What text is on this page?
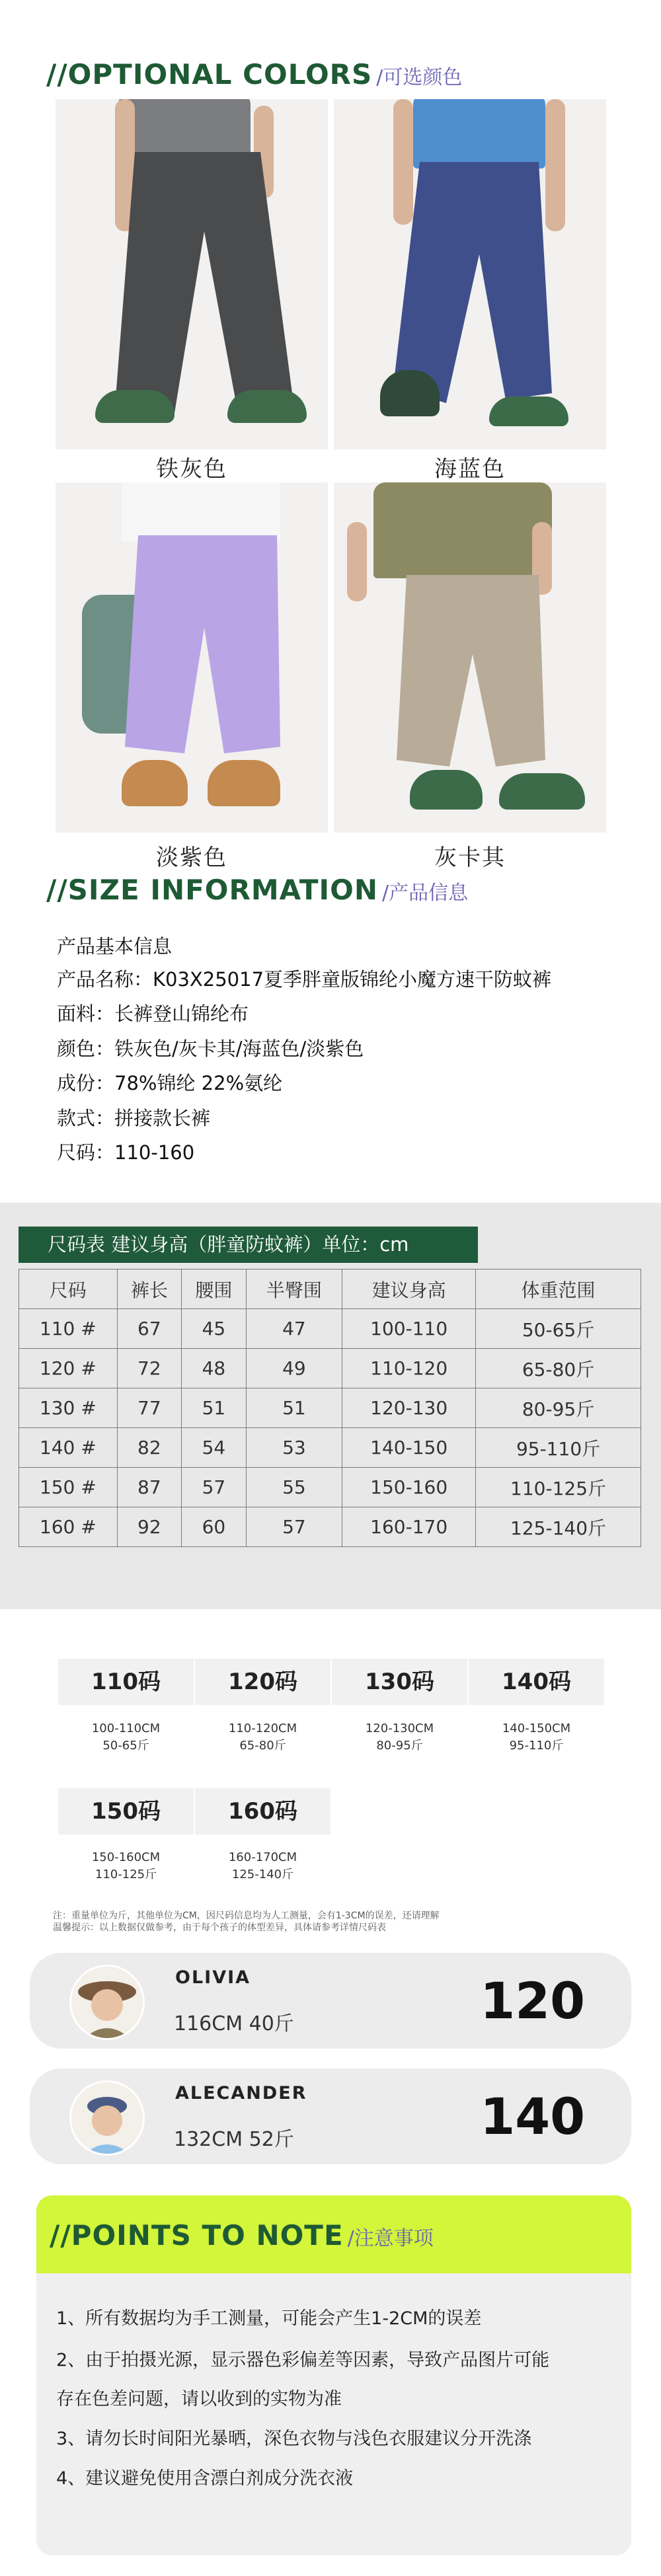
//OPTIONAL COLORS /可选颜色
铁灰色	海蓝色
淡紫色	灰卡其
//SIZE INFORMATION /产品信息
产品基本信息
产品名称：K03X25017夏季胖童版锦纶小魔方速干防蚊裤
面料：长裤登山锦纶布
颜色：铁灰色/灰卡其/海蓝色/淡紫色
成份：78%锦纶 22%氨纶
款式：拼接款长裤
尺码：110-160
尺码表 建议身高（胖童防蚊裤）单位：cm
尺码	裤长	腰围	半臀围	建议身高	体重范围
110 #	67	45	47	100-110	50-65斤
120 #	72	48	49	110-120	65-80斤
130 #	77	51	51	120-130	80-95斤
140 #	82	54	53	140-150	95-110斤
150 #	87	57	55	150-160	110-125斤
160 #	92	60	57	160-170	125-140斤
110码
100-110CM
50-65斤
120码
110-120CM
65-80斤
130码
120-130CM
80-95斤
140码
140-150CM
95-110斤
150码
150-160CM
110-125斤
160码
160-170CM
125-140斤
注：重量单位为斤，其他单位为CM，因尺码信息均为人工测量，会有1-3CM的误差，还请理解
温馨提示：以上数据仅做参考，由于每个孩子的体型差异，具体请参考详情尺码表
OLIVIA
116CM 40斤	120
ALECANDER
132CM 52斤	140
//POINTS TO NOTE /注意事项
1、所有数据均为手工测量，可能会产生1-2CM的误差
2、由于拍摄光源，显示器色彩偏差等因素，导致产品图片可能
存在色差问题，请以收到的实物为准
3、请勿长时间阳光暴晒，深色衣物与浅色衣服建议分开洗涤
4、建议避免使用含漂白剂成分洗衣液
